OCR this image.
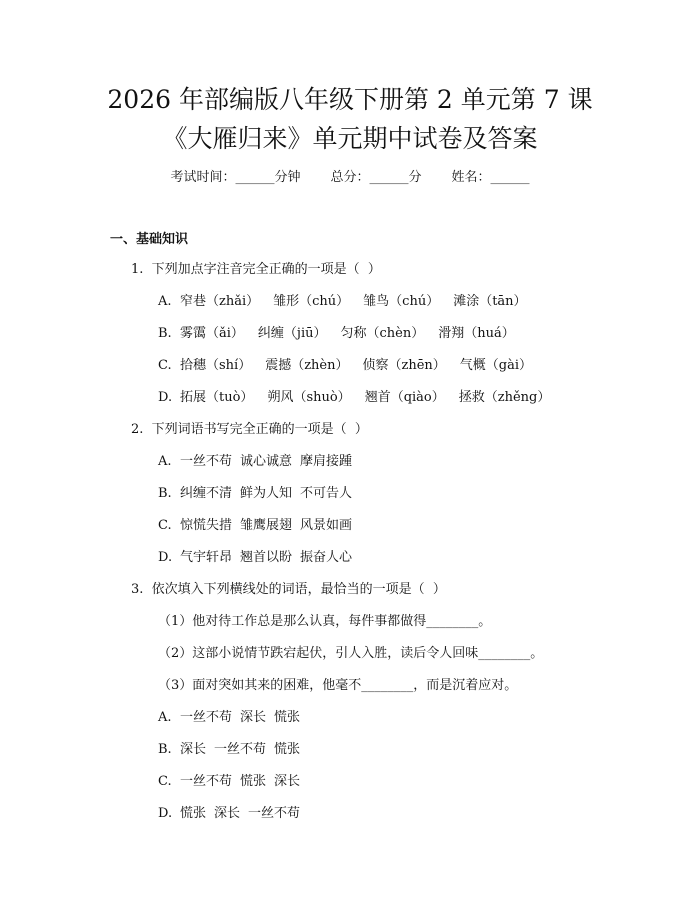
2026 年部编版八年级下册第 2 单元第 7 课
《大雁归来》单元期中试卷及答案
考试时间：______分钟 总分：______分 姓名：______
一、基础知识
1.  下列加点字注音完全正确的一项是（  ）
A. 窄巷（zhǎi） 雏形（chú） 雏鸟（chú） 滩涂（tān）
B. 雾霭（ǎi） 纠缠（jiū） 匀称（chèn） 滑翔（huá）
C. 拾穗（shí） 震撼（zhèn） 侦察（zhēn） 气概（gài）
D. 拓展（tuò） 朔风（shuò） 翘首（qiào） 拯救（zhěng）
2.  下列词语书写完全正确的一项是（  ）
A. 一丝不苟 诚心诚意 摩肩接踵
B. 纠缠不清 鲜为人知 不可告人
C. 惊慌失措 雏鹰展翅 风景如画
D. 气宇轩昂 翘首以盼 振奋人心
3.  依次填入下列横线处的词语，最恰当的一项是（  ）
（1）他对待工作总是那么认真，每件事都做得________。
（2）这部小说情节跌宕起伏，引人入胜，读后令人回味________。
（3）面对突如其来的困难，他毫不________，而是沉着应对。
A. 一丝不苟 深长 慌张
B. 深长 一丝不苟 慌张
C. 一丝不苟 慌张 深长
D. 慌张 深长 一丝不苟
